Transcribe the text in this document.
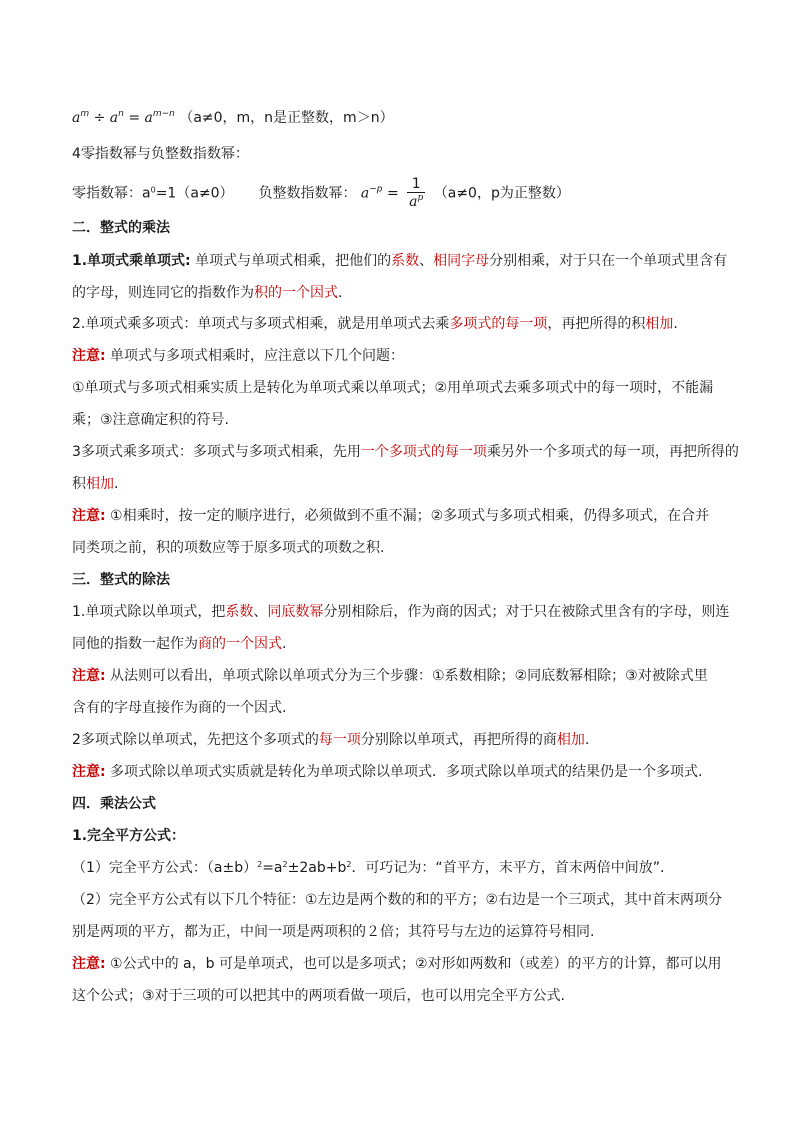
$a^m \div a^n = a^{m-n}$ （a≠0，m，n是正整数，m＞n）
4零指数幂与负整数指数幂：
零指数幂：$a^0=1(a\ne 0)$ 负整数指数幂： $a^{-p} = \frac{1}{a^p} (a\ne 0$，p为正整数）
二．整式的乘法
1.单项式乘单项式: 单项式与单项式相乘，把他们的系数、相同字母分别相乘，对于只在一个单项式里含有
的字母，则连同它的指数作为积的一个因式.
2.单项式乘多项式：单项式与多项式相乘，就是用单项式去乘多项式的每一项，再把所得的积相加.
注意: 单项式与多项式相乘时，应注意以下几个问题：
①单项式与多项式相乘实质上是转化为单项式乘以单项式；②用单项式去乘多项式中的每一项时，不能漏
乘；③注意确定积的符号.
3多项式乘多项式：多项式与多项式相乘，先用一个多项式的每一项乘另外一个多项式的每一项，再把所得的
积相加.
注意: ①相乘时，按一定的顺序进行，必须做到不重不漏；②多项式与多项式相乘，仍得多项式，在合并
同类项之前，积的项数应等于原多项式的项数之积.
三．整式的除法
1.单项式除以单项式，把系数、同底数幂分别相除后，作为商的因式；对于只在被除式里含有的字母，则连
同他的指数一起作为商的一个因式.
注意: 从法则可以看出，单项式除以单项式分为三个步骤：①系数相除；②同底数幂相除；③对被除式里
含有的字母直接作为商的一个因式.
2多项式除以单项式，先把这个多项式的每一项分别除以单项式，再把所得的商相加.
注意: 多项式除以单项式实质就是转化为单项式除以单项式．多项式除以单项式的结果仍是一个多项式.
四．乘法公式
1.完全平方公式：
（1）完全平方公式：$(a\pm b)^2=a^2\pm 2ab+b^2$．可巧记为：“首平方，末平方，首末两倍中间放”.
（2）完全平方公式有以下几个特征：①左边是两个数的和的平方；②右边是一个三项式，其中首末两项分
别是两项的平方，都为正，中间一项是两项积的２倍；其符号与左边的运算符号相同.
注意: ①公式中的 a，b 可是单项式，也可以是多项式；②对形如两数和（或差）的平方的计算，都可以用
这个公式；③对于三项的可以把其中的两项看做一项后，也可以用完全平方公式.
